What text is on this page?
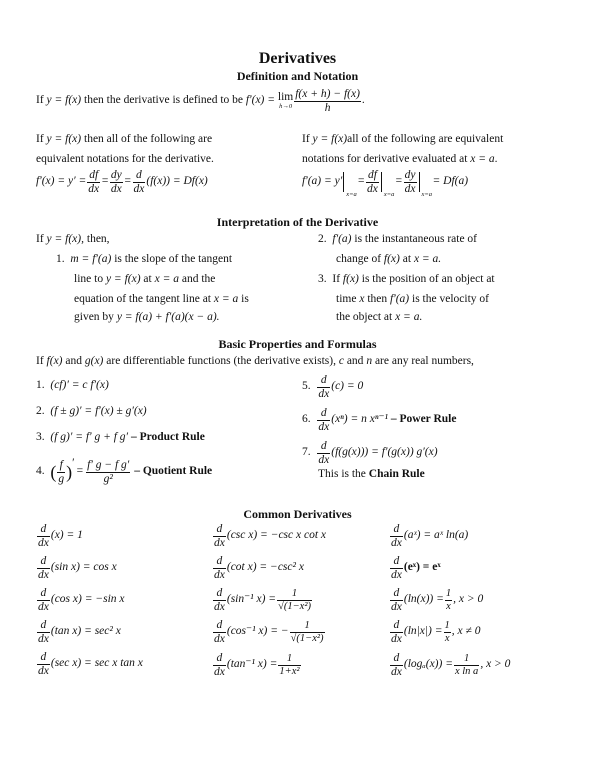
Derivatives
Definition and Notation
If
y = f(x)
then the derivative is defined to be
f′(x) =
lim
$h\to 0 \frac{f(x + h) - f(x)}{h}$ .
If y = f(x) then all of the following are
equivalent notations for the derivative.
$f'(x) = y' = \frac{df}{dx} = \frac{dy}{dx} = \frac{d}{dx} (f(x)) = Df(x)$
If y = f(x)all of the following are equivalent
notations for derivative evaluated at x = a.
f′(a) = y′
x=a
= $\frac{df}{dx} x=a$
= $\frac{dy}{dx} x=a$
= Df(a)
Interpretation of the Derivative
If y = f(x), then,
1. m = f′(a) is the slope of the tangent
line to y = f(x) at x = a and the
equation of the tangent line at x = a is
given by y = f(a) + f′(a)(x − a).
2. f′(a) is the instantaneous rate of
change of f(x) at x = a.
3. If f(x) is the position of an object at
time x then f′(a) is the velocity of
the object at x = a.
Basic Properties and Formulas
If f(x) and g(x) are differentiable functions (the derivative exists), c and n are any real numbers,
1. (cf)′ = c f′(x)
2. (f ± g)′ = f′(x) ± g′(x)
3. (f g)′ = f′ g + f g′ – Product Rule
4.
( $\frac{f}{g}$ ) ′
= $\frac{\text{f′ g − f g′}}{\text{g²}}$
– Quotient Rule
5.
$\frac{d}{dx} (c) = 0$
6.
$\frac{d}{dx} (x^n) = n$ xⁿ⁻¹
– Power Rule
7.
$\frac{d}{dx} (f(g(x))) = f'(g(x))$ g′(x)
This is the Chain Rule
Common Derivatives
$\frac{d}{dx} (x) = 1$
$\frac{d}{dx} (\sin$ x) = cos x
$\frac{d}{dx} (\cos$ x) = −sin x
$\frac{d}{dx} (\tan$ x) = sec² x
$\frac{d}{dx} (\sec$ x) = sec x tan x
$\frac{d}{dx} (\csc$ x) = −csc x cot x
$\frac{d}{dx} (\cot$ x) = −csc² x
$\frac{d}{dx} (\sin^{-1}$ $x) = \frac{1}{\text{√(1−x²)}}$
$\frac{d}{dx} (\cos^{-1}$ x) = − $\frac{1}{\text{√(1−x²)}}$
$\frac{d}{dx} (\tan^{-1}$ $x) = \frac{1}{\text{1+x²}}$
$\frac{d}{dx}$ (aˣ) = aˣ ln(a)
$\frac{d}{dx}$ (eˣ) = eˣ
$\frac{d}{dx} (\ln(x)) = \frac{1}{x}$ , x > 0
$\frac{d}{dx} (\ln|x|) = \frac{1}{x}$ , x ≠ 0
$\frac{d}{dx} (\log_a(x)) = \frac{1}{\text{x ln a}}$ , x > 0
